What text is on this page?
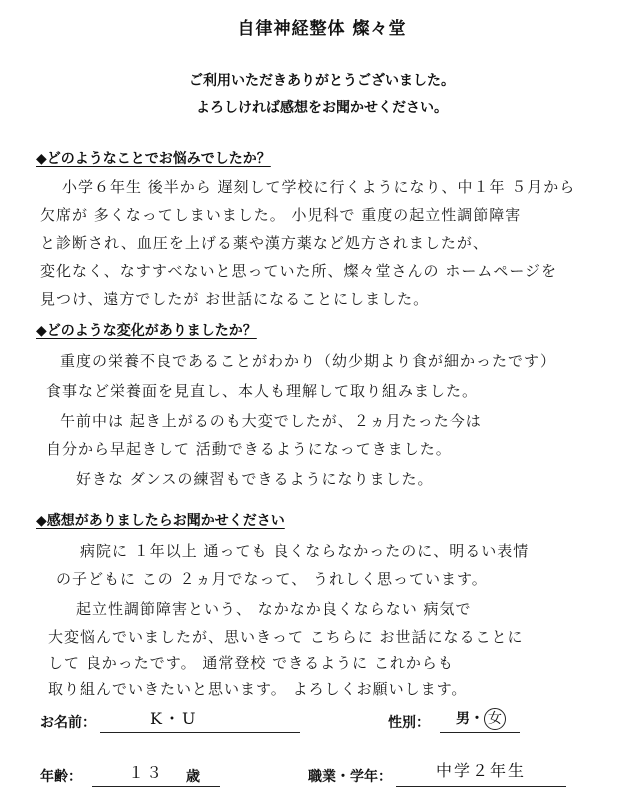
自律神経整体 燦々堂
ご利用いただきありがとうございました。
よろしければ感想をお聞かせください。
◆どのようなことでお悩みでしたか？
小学６年生 後半から 遅刻して学校に行くようになり、中１年 ５月から
欠席が 多くなってしまいました。 小児科で 重度の起立性調節障害
と診断され、血圧を上げる薬や漢方薬など処方されましたが、
変化なく、なすすべないと思っていた所、燦々堂さんの ホームページを
見つけ、遠方でしたが お世話になることにしました。
◆どのような変化がありましたか？
重度の栄養不良であることがわかり（幼少期より食が細かったです）
食事など栄養面を見直し、本人も理解して取り組みました。
午前中は 起き上がるのも大変でしたが、２ヵ月たった今は
自分から早起きして 活動できるようになってきました。
好きな ダンスの練習もできるようになりました。
◆感想がありましたらお聞かせください
病院に １年以上 通っても 良くならなかったのに、明るい表情
の子どもに この ２ヵ月でなって、 うれしく思っています。
起立性調節障害という、 なかなか良くならない 病気で
大変悩んでいましたが、思いきって こちらに お世話になることに
して 良かったです。 通常登校 できるように これからも
取り組んでいきたいと思います。 よろしくお願いします。
お名前：	K・U	性別： 男・ 女
年齢：	１３ 歳	職業・学年：	中学２年生
